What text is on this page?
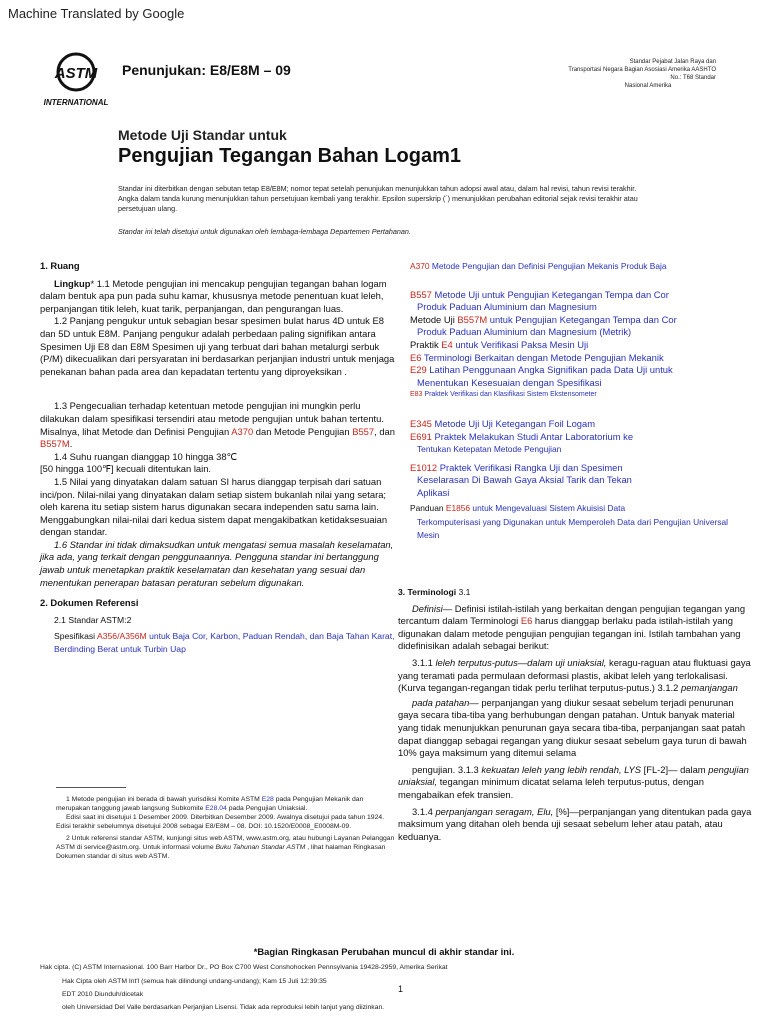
Machine Translated by Google
ASTM
INTERNATIONAL
Penunjukan: E8/E8M – 09	Standar Pejabat Jalan Raya dan
Transportasi Negara Bagian Asosiasi Amerika AASHTO
No.: T68 Standar
Nasional Amerika
Metode Uji Standar untuk
Pengujian Tegangan Bahan Logam1
Standar ini diterbitkan dengan sebutan tetap E8/E8M; nomor tepat setelah penunjukan menunjukkan tahun adopsi awal atau, dalam hal revisi, tahun revisi terakhir. Angka dalam tanda kurung menunjukkan tahun persetujuan kembali yang terakhir. Epsilon superskrip (´) menunjukkan perubahan editorial sejak revisi terakhir atau persetujuan ulang.
Standar ini telah disetujui untuk digunakan oleh lembaga-lembaga Departemen Pertahanan.
1. Ruang
Lingkup* 1.1 Metode pengujian ini mencakup pengujian tegangan bahan logam dalam bentuk apa pun pada suhu kamar, khususnya metode penentuan kuat leleh, perpanjangan titik leleh, kuat tarik, perpanjangan, dan pengurangan luas.
1.2 Panjang pengukur untuk sebagian besar spesimen bulat harus 4D untuk E8 dan 5D untuk E8M. Panjang pengukur adalah perbedaan paling signifikan antara Spesimen Uji E8 dan E8M Spesimen uji yang terbuat dari bahan metalurgi serbuk (P/M) dikecualikan dari persyaratan ini berdasarkan perjanjian industri untuk menjaga penekanan bahan pada area dan kepadatan tertentu yang diproyeksikan .
1.3 Pengecualian terhadap ketentuan metode pengujian ini mungkin perlu dilakukan dalam spesifikasi tersendiri atau metode pengujian untuk bahan tertentu. Misalnya, lihat Metode dan Definisi Pengujian A370 dan Metode Pengujian B557, dan B557M.
1.4 Suhu ruangan dianggap 10 hingga 38℃
[50 hingga 100℉] kecuali ditentukan lain.
1.5 Nilai yang dinyatakan dalam satuan SI harus dianggap terpisah dari satuan inci/pon. Nilai-nilai yang dinyatakan dalam setiap sistem bukanlah nilai yang setara; oleh karena itu setiap sistem harus digunakan secara independen satu sama lain. Menggabungkan nilai-nilai dari kedua sistem dapat mengakibatkan ketidaksesuaian dengan standar.
1.6 Standar ini tidak dimaksudkan untuk mengatasi semua masalah keselamatan, jika ada, yang terkait dengan penggunaannya. Pengguna standar ini bertanggung jawab untuk menetapkan praktik keselamatan dan kesehatan yang sesuai dan menentukan penerapan batasan peraturan sebelum digunakan.
2. Dokumen Referensi
2.1 Standar ASTM:2
Spesifikasi A356/A356M untuk Baja Cor, Karbon, Paduan Rendah, dan Baja Tahan Karat, Berdinding Berat untuk Turbin Uap
1 Metode pengujian ini berada di bawah yurisdiksi Komite ASTM E28 pada Pengujian Mekanik dan merupakan tanggung jawab langsung Subkomite E28.04 pada Pengujian Uniaksial.
Edisi saat ini disetujui 1 Desember 2009. Diterbitkan Desember 2009. Awalnya disetujui pada tahun 1924. Edisi terakhir sebelumnya disetujui 2008 sebagai E8/E8M – 08. DOI: 10.1520/E0008_E0008M-09.
2 Untuk referensi standar ASTM, kunjungi situs web ASTM, www.astm.org, atau hubungi Layanan Pelanggan ASTM di service@astm.org. Untuk informasi volume Buku Tahunan Standar ASTM , lihat halaman Ringkasan Dokumen standar di situs web ASTM.
A370 Metode Pengujian dan Definisi Pengujian Mekanis Produk Baja
B557 Metode Uji untuk Pengujian Ketegangan Tempa dan Cor
Produk Paduan Aluminium dan Magnesium
Metode Uji B557M untuk Pengujian Ketegangan Tempa dan Cor
Produk Paduan Aluminium dan Magnesium (Metrik)
Praktik E4 untuk Verifikasi Paksa Mesin Uji
E6 Terminologi Berkaitan dengan Metode Pengujian Mekanik
E29 Latihan Penggunaan Angka Signifikan pada Data Uji untuk
Menentukan Kesesuaian dengan Spesifikasi
E83 Praktek Verifikasi dan Klasifikasi Sistem Ekstensometer
E345 Metode Uji Uji Ketegangan Foil Logam
E691 Praktek Melakukan Studi Antar Laboratorium ke
Tentukan Ketepatan Metode Pengujian
E1012 Praktek Verifikasi Rangka Uji dan Spesimen
Keselarasan Di Bawah Gaya Aksial Tarik dan Tekan
Aplikasi
Panduan E1856 untuk Mengevaluasi Sistem Akuisisi Data
Terkomputerisasi yang Digunakan untuk Memperoleh Data dari Pengujian Universal
Mesin
3. Terminologi 3.1
Definisi— Definisi istilah-istilah yang berkaitan dengan pengujian tegangan yang tercantum dalam Terminologi E6 harus dianggap berlaku pada istilah-istilah yang digunakan dalam metode pengujian pengujian tegangan ini. Istilah tambahan yang didefinisikan adalah sebagai berikut:
3.1.1 leleh terputus-putus—dalam uji uniaksial, keragu-raguan atau fluktuasi gaya yang teramati pada permulaan deformasi plastis, akibat leleh yang terlokalisasi. (Kurva tegangan-regangan tidak perlu terlihat terputus-putus.) 3.1.2 pemanjangan
pada patahan— perpanjangan yang diukur sesaat sebelum terjadi penurunan gaya secara tiba-tiba yang berhubungan dengan patahan. Untuk banyak material yang tidak menunjukkan penurunan gaya secara tiba-tiba, perpanjangan saat patah dapat dianggap sebagai regangan yang diukur sesaat sebelum gaya turun di bawah 10% gaya maksimum yang ditemui selama
pengujian. 3.1.3 kekuatan leleh yang lebih rendah, LYS [FL-2]— dalam pengujian uniaksial, tegangan minimum dicatat selama leleh terputus-putus, dengan mengabaikan efek transien.
3.1.4 perpanjangan seragam, Elu, [%]—perpanjangan yang ditentukan pada gaya maksimum yang ditahan oleh benda uji sesaat sebelum leher atau patah, atau keduanya.
*Bagian Ringkasan Perubahan muncul di akhir standar ini.
Hak cipta. (C) ASTM Internasional. 100 Barr Harbor Dr., PO Box C700 West Conshohocken Pennsylvania 19428-2959, Amerika Serikat
Hak Cipta oleh ASTM Int'l (semua hak dilindungi undang-undang); Kam 15 Juli 12:39:35
EDT 2010 Diunduh/dicetak
oleh Universidad Del Valle berdasarkan Perjanjian Lisensi. Tidak ada reproduksi lebih lanjut yang diizinkan.
1
